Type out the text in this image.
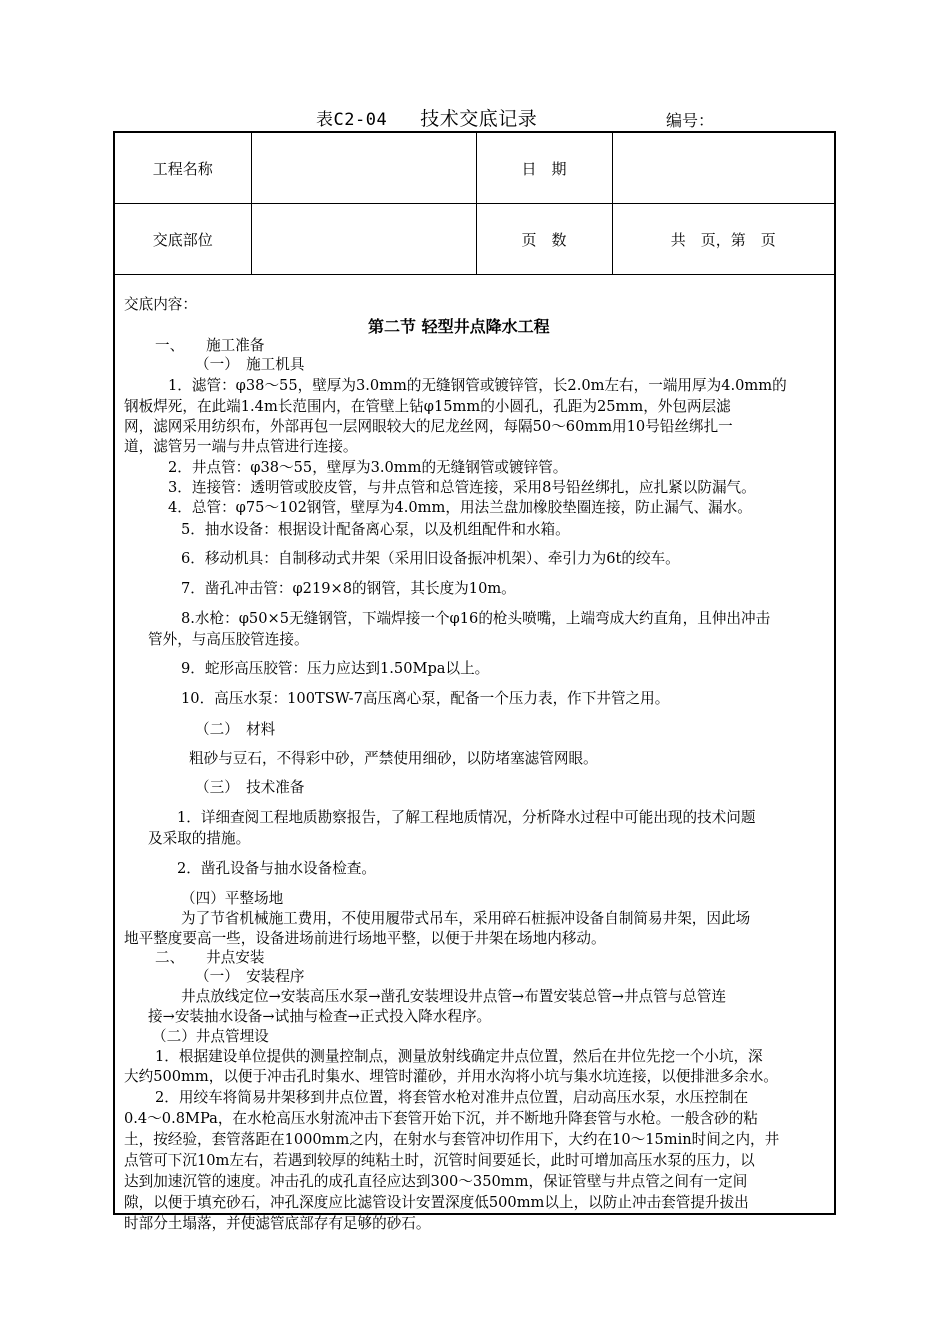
表C2-04 技术交底记录	编号：
工程名称		日　期	
交底部位		页　数	共　页，第　页
交底内容：
第二节 轻型井点降水工程
一、　　施工准备
（一）　施工机具
1．滤管：φ38～55，壁厚为3.0mm的无缝钢管或镀锌管，长2.0m左右，一端用厚为4.0mm的
钢板焊死，在此端1.4m长范围内，在管壁上钻φ15mm的小圆孔，孔距为25mm，外包两层滤
网，滤网采用纺织布，外部再包一层网眼较大的尼龙丝网，每隔50～60mm用10号铅丝绑扎一
道，滤管另一端与井点管进行连接。
2．井点管：φ38～55，壁厚为3.0mm的无缝钢管或镀锌管。
3．连接管：透明管或胶皮管，与井点管和总管连接，采用8号铅丝绑扎，应扎紧以防漏气。
4．总管：φ75～102钢管，壁厚为4.0mm，用法兰盘加橡胶垫圈连接，防止漏气、漏水。
5．抽水设备：根据设计配备离心泵，以及机组配件和水箱。
6．移动机具：自制移动式井架（采用旧设备振冲机架）、牵引力为6t的绞车。
7．凿孔冲击管：φ219×8的钢管，其长度为10m。
8.水枪：φ50×5无缝钢管，下端焊接一个φ16的枪头喷嘴，上端弯成大约直角，且伸出冲击
管外，与高压胶管连接。
9．蛇形高压胶管：压力应达到1.50Mpa以上。
10．高压水泵：100TSW-7高压离心泵，配备一个压力表，作下井管之用。
（二）　材料
粗砂与豆石，不得彩中砂，严禁使用细砂，以防堵塞滤管网眼。
（三）　技术准备
1．详细查阅工程地质勘察报告，了解工程地质情况，分析降水过程中可能出现的技术问题
及采取的措施。
2．凿孔设备与抽水设备检查。
（四）平整场地
为了节省机械施工费用，不使用履带式吊车，采用碎石桩振冲设备自制简易井架，因此场
地平整度要高一些，设备进场前进行场地平整，以便于井架在场地内移动。
二、　　井点安装
（一）　安装程序
井点放线定位→安装高压水泵→凿孔安装埋设井点管→布置安装总管→井点管与总管连
接→安装抽水设备→试抽与检查→正式投入降水程序。
（二）井点管埋设
1．根据建设单位提供的测量控制点，测量放射线确定井点位置，然后在井位先挖一个小坑，深
大约500mm，以便于冲击孔时集水、埋管时灌砂，并用水沟将小坑与集水坑连接，以便排泄多余水。
2．用绞车将简易井架移到井点位置，将套管水枪对准井点位置，启动高压水泵，水压控制在
0.4～0.8MPa，在水枪高压水射流冲击下套管开始下沉，并不断地升降套管与水枪。一般含砂的粘
土，按经验，套管落距在1000mm之内，在射水与套管冲切作用下，大约在10～15min时间之内，井
点管可下沉10m左右，若遇到较厚的纯粘土时，沉管时间要延长，此时可增加高压水泵的压力，以
达到加速沉管的速度。冲击孔的成孔直径应达到300～350mm，保证管壁与井点管之间有一定间
隙，以便于填充砂石，冲孔深度应比滤管设计安置深度低500mm以上，以防止冲击套管提升拔出
时部分土塌落，并使滤管底部存有足够的砂石。
